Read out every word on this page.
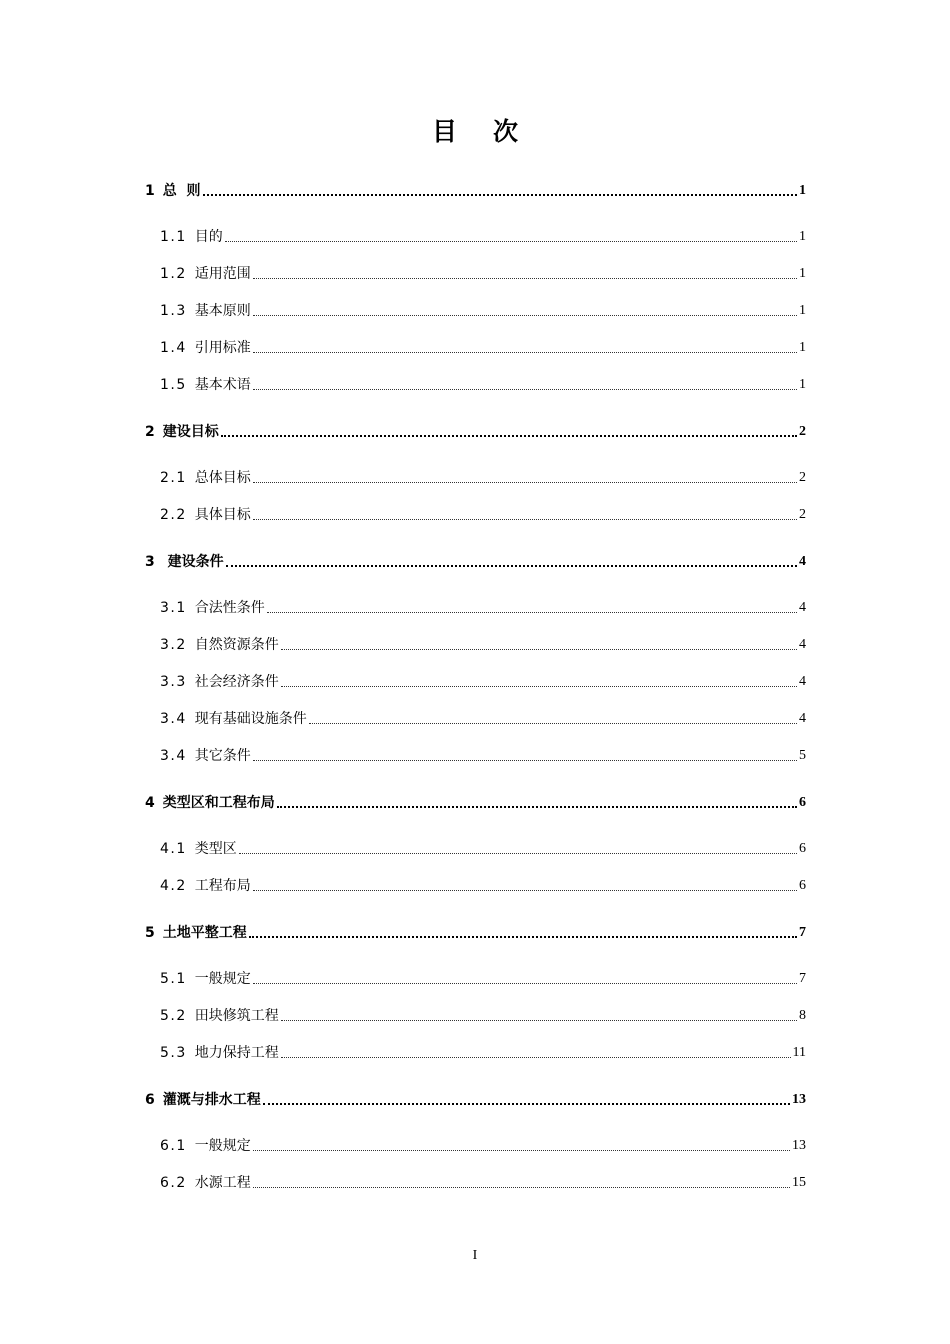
目次
1 总  则	1
1.1 目的	1
1.2 适用范围	1
1.3 基本原则	1
1.4 引用标准	1
1.5 基本术语	1
2 建设目标	2
2.1 总体目标	2
2.2 具体目标	2
3 建设条件	4
3.1 合法性条件	4
3.2 自然资源条件	4
3.3 社会经济条件	4
3.4 现有基础设施条件	4
3.4 其它条件	5
4 类型区和工程布局	6
4.1 类型区	6
4.2 工程布局	6
5 土地平整工程	7
5.1 一般规定	7
5.2 田块修筑工程	8
5.3 地力保持工程	11
6 灌溉与排水工程	13
6.1 一般规定	13
6.2 水源工程	15
I
